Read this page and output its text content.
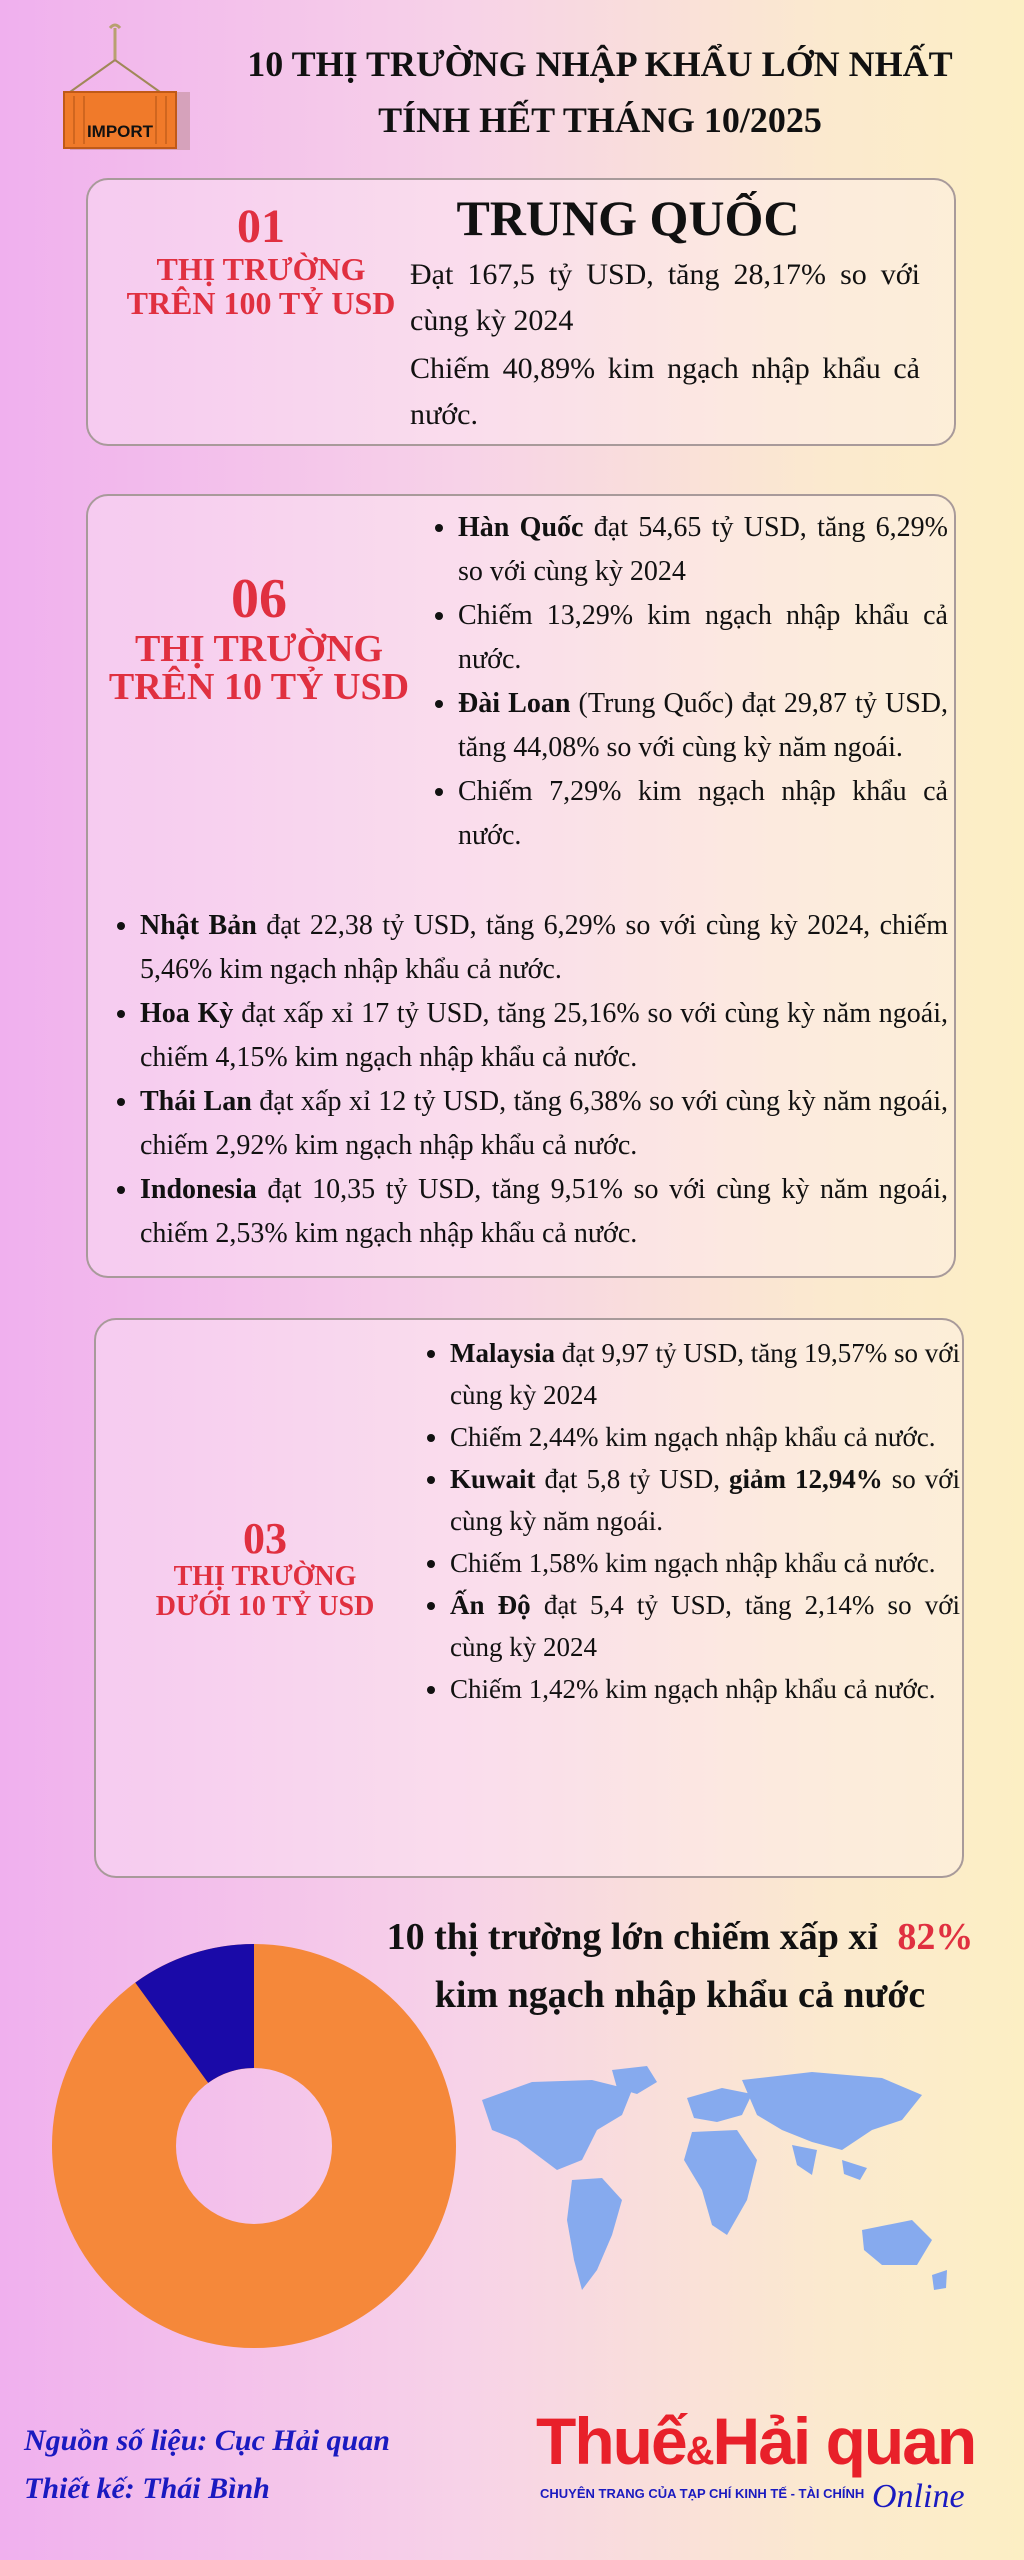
IMPORT
10 THỊ TRƯỜNG NHẬP KHẨU LỚN NHẤT
TÍNH HẾT THÁNG 10/2025
01
THỊ TRƯỜNG
TRÊN 100 TỶ USD
TRUNG QUỐC
Đạt 167,5 tỷ USD, tăng 28,17% so với cùng kỳ 2024
Chiếm 40,89% kim ngạch nhập khẩu cả nước.
06
THỊ TRƯỜNG
TRÊN 10 TỶ USD
• Hàn Quốc đạt 54,65 tỷ USD, tăng 6,29% so với cùng kỳ 2024
• Chiếm 13,29% kim ngạch nhập khẩu cả nước.
• Đài Loan (Trung Quốc) đạt 29,87 tỷ USD, tăng 44,08% so với cùng kỳ năm ngoái.
• Chiếm 7,29% kim ngạch nhập khẩu cả nước.
• Nhật Bản đạt 22,38 tỷ USD, tăng 6,29% so với cùng kỳ 2024, chiếm 5,46% kim ngạch nhập khẩu cả nước.
• Hoa Kỳ đạt xấp xỉ 17 tỷ USD, tăng 25,16% so với cùng kỳ năm ngoái, chiếm 4,15% kim ngạch nhập khẩu cả nước.
• Thái Lan đạt xấp xỉ 12 tỷ USD, tăng 6,38% so với cùng kỳ năm ngoái, chiếm 2,92% kim ngạch nhập khẩu cả nước.
• Indonesia đạt 10,35 tỷ USD, tăng 9,51% so với cùng kỳ năm ngoái, chiếm 2,53% kim ngạch nhập khẩu cả nước.
03
THỊ TRƯỜNG
DƯỚI 10 TỶ USD
• Malaysia đạt 9,97 tỷ USD, tăng 19,57% so với cùng kỳ 2024
• Chiếm 2,44% kim ngạch nhập khẩu cả nước.
• Kuwait đạt 5,8 tỷ USD, giảm 12,94% so với cùng kỳ năm ngoái.
• Chiếm 1,58% kim ngạch nhập khẩu cả nước.
• Ấn Độ đạt 5,4 tỷ USD, tăng 2,14% so với cùng kỳ 2024
• Chiếm 1,42% kim ngạch nhập khẩu cả nước.
10 thị trường lớn chiếm xấp xỉ 82%
kim ngạch nhập khẩu cả nước
Nguồn số liệu: Cục Hải quan
Thiết kế: Thái Bình
Thuế&Hải quan
CHUYÊN TRANG CỦA TẠP CHÍ KINH TẾ - TÀI CHÍNH Online
